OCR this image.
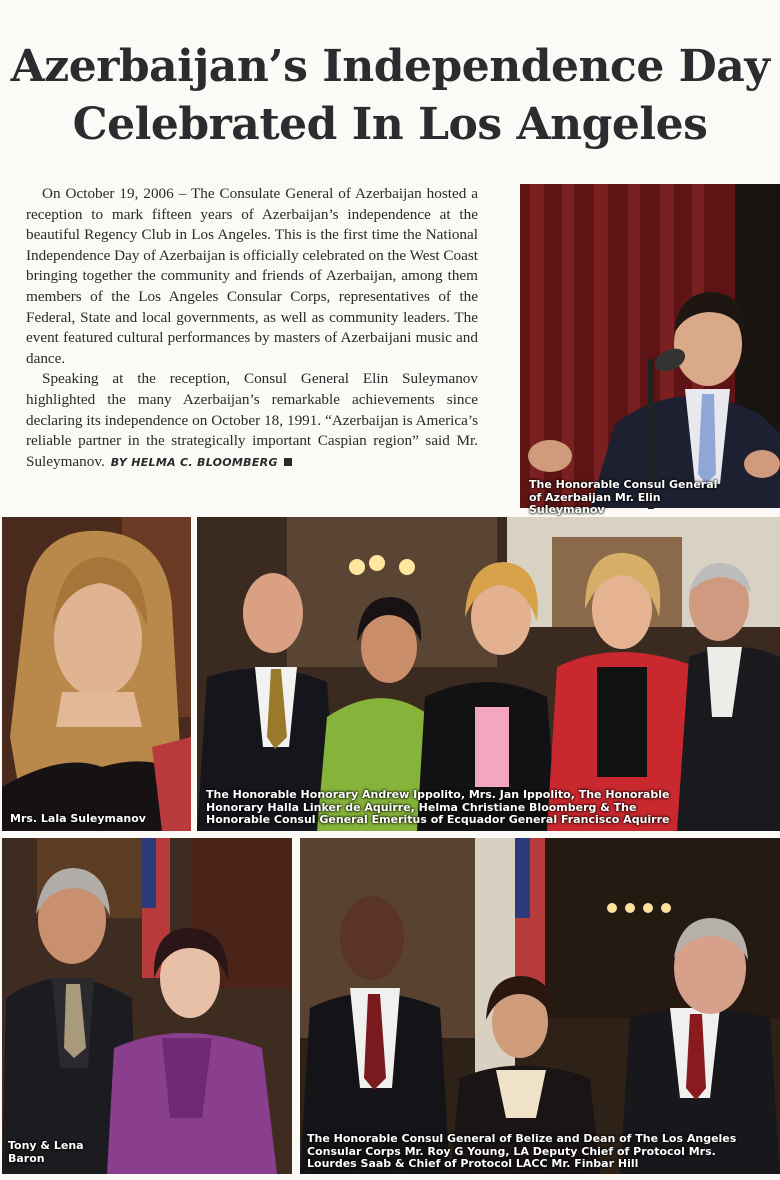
Azerbaijan’s Independence Day
Celebrated In Los Angeles

On October 19, 2006 – The Consulate General of Azerbaijan hosted a reception to mark fifteen years of Azerbaijan’s independence at the beautiful Regency Club in Los Angeles. This is the first time the National Independence Day of Azerbaijan is officially celebrated on the West Coast bringing together the community and friends of Azerbaijan, among them members of the Los Angeles Consular Corps, representatives of the Federal, State and local governments, as well as community leaders. The event featured cultural performances by masters of Azerbaijani music and dance.

Speaking at the reception, Consul General Elin Suleymanov highlighted the many Azerbaijan’s remarkable achievements since declaring its independence on October 18, 1991. “Azerbaijan is America’s reliable partner in the strategically important Caspian region” said Mr. Suleymanov. BY HELMA C. BLOOMBERG

The Honorable Consul General of Azerbaijan Mr. Elin Suleymanov
Mrs. Lala Suleymanov
The Honorable Honorary Andrew Ippolito, Mrs. Jan Ippolito, The Honorable Honorary Halla Linker de Aquirre, Helma Christiane Bloomberg & The Honorable Consul General Emeritus of Ecquador General Francisco Aquirre
Tony & Lena Baron
The Honorable Consul General of Belize and Dean of The Los Angeles Consular Corps Mr. Roy G Young, LA Deputy Chief of Protocol Mrs. Lourdes Saab & Chief of Protocol LACC Mr. Finbar Hill
